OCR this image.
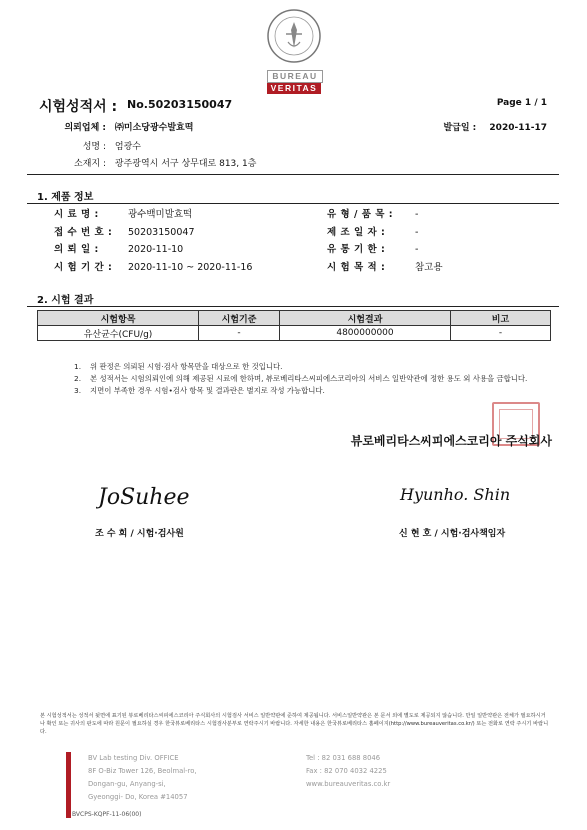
BUREAU
VERITAS
시험성적서 : No.50203150047	Page 1 / 1
의뢰업체 : ㈜미소당광수발효떡	발급일 : 2020-11-17
성명 : 엄광수
소재지 : 광주광역시 서구 상무대로 813, 1층
1. 제품 정보
시 료 명 :	광수백미발효떡
접 수 번 호 : 50203150047
의 뢰 일 :	2020-11-10
시 험 기 간 : 2020-11-10 ~ 2020-11-16
유 형 / 품 목 : -
제 조 일 자 :	-
유 통 기 한 :	-
시 험 목 적 :	참고용
2. 시험 결과
시험항목	시험기준	시험결과	비고
유산균수(CFU/g)	-	4800000000	-
1.	위 판정은 의뢰된 시험·검사 항목만을 대상으로 한 것입니다.
2.	본 성적서는 시험의뢰인에 의해 제공된 시료에 한하며, 뷰로베리타스씨피에스코리아의 서비스 일반약관에 정한 용도 외 사용을 금합니다.
3.	지면이 부족한 경우 시험•검사 항목 및 결과란은 별지로 작성 가능합니다.
뷰로베리타스씨피에스코리아 주식회사
JoSuhee	Hyunho. Shin
조 수 희 / 시험·검사원	신 현 호 / 시험·검사책임자
본 시험성적서는 성적서 뒷면에 표기된 뷰로베리타스씨피에스코리아 주식회사의 시험검사 서비스 일반약관에 준하여 제공됩니다. 서비스일반약관은 본 문서 외에 별도로 제공되지 않습니다. 만일 일반약관은 전체가 필요하시거나 확인 또는 귀사의 판도에 따라 원문이 필요하실 경우 한국뷰로베리타스 시험검사분부로 연락주시기 바랍니다. 자세한 내용은 한국뷰로베리타스 홈페이지(http://www.bureauveritas.co.kr/) 또는 전화로 연락 주시기 바랍니다.
BV Lab testing Div. OFFICE
8F O-Biz Tower 126, Beolmal-ro,
Dongan-gu, Anyang-si,
Gyeonggi- Do, Korea #14057
Tel : 82 031 688 8046
Fax : 82 070 4032 4225
www.bureauveritas.co.kr
BVCPS-KQPF-11-06(00)
